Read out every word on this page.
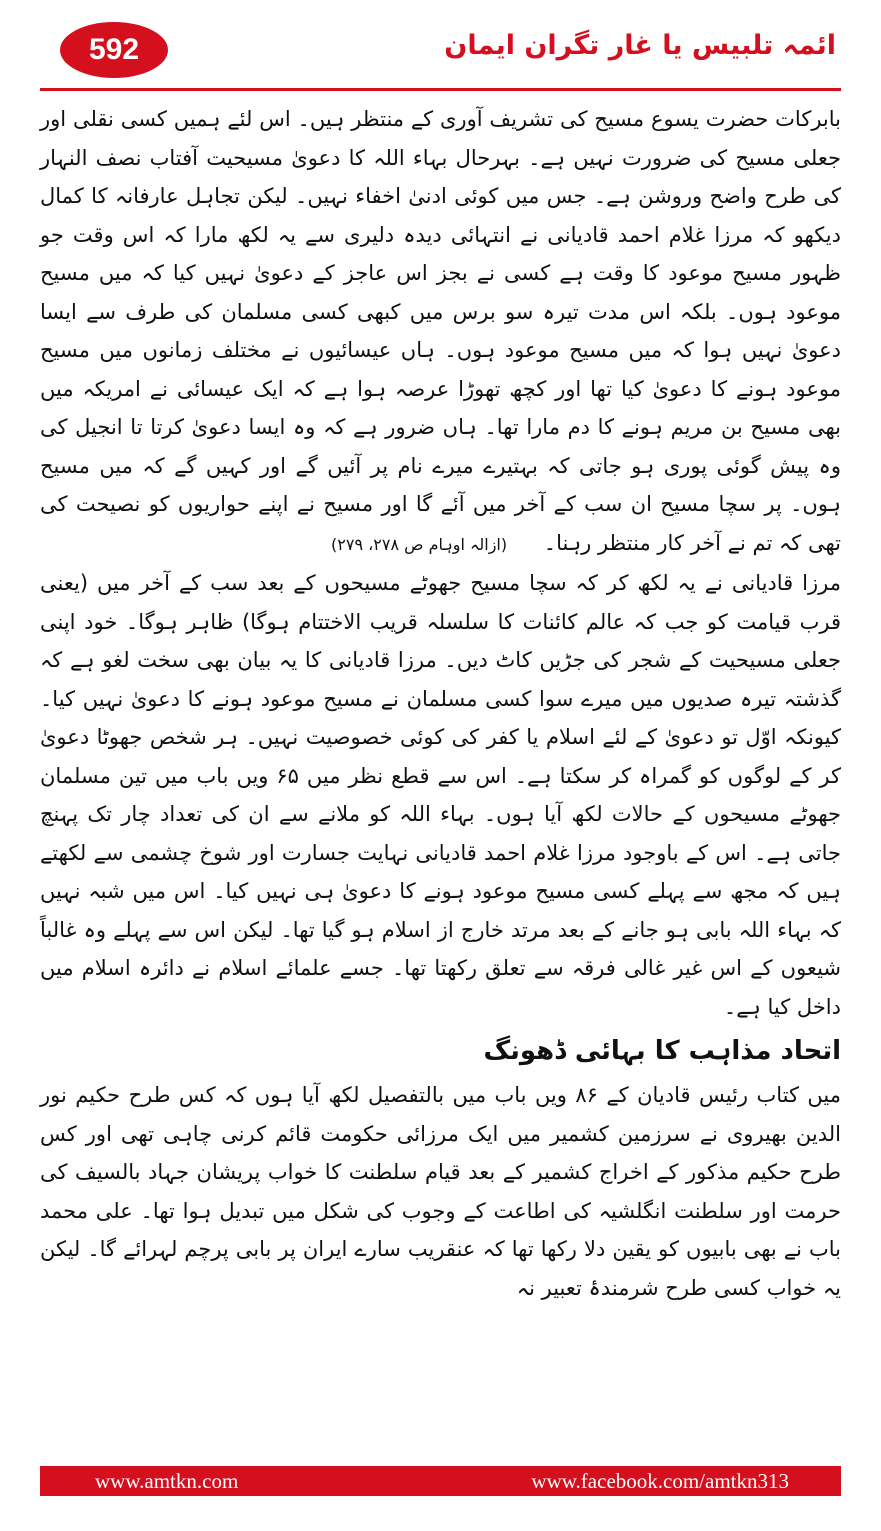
592	ائمہ تلبیس یا غار تگران ایمان

بابرکات حضرت یسوع مسیح کی تشریف آوری کے منتظر ہیں۔ اس لئے ہمیں کسی نقلی اور جعلی مسیح کی ضرورت نہیں ہے۔ بہرحال بہاء اللہ کا دعویٰ مسیحیت آفتاب نصف النہار کی طرح واضح وروشن ہے۔ جس میں کوئی ادنیٰ اخفاء نہیں۔ لیکن تجاہل عارفانہ کا کمال دیکھو کہ مرزا غلام احمد قادیانی نے انتہائی دیدہ دلیری سے یہ لکھ مارا کہ اس وقت جو ظہور مسیح موعود کا وقت ہے کسی نے بجز اس عاجز کے دعویٰ نہیں کیا کہ میں مسیح موعود ہوں۔ بلکہ اس مدت تیرہ سو برس میں کبھی کسی مسلمان کی طرف سے ایسا دعویٰ نہیں ہوا کہ میں مسیح موعود ہوں۔ ہاں عیسائیوں نے مختلف زمانوں میں مسیح موعود ہونے کا دعویٰ کیا تھا اور کچھ تھوڑا عرصہ ہوا ہے کہ ایک عیسائی نے امریکہ میں بھی مسیح بن مریم ہونے کا دم مارا تھا۔ ہاں ضرور ہے کہ وہ ایسا دعویٰ کرتا تا انجیل کی وہ پیش گوئی پوری ہو جاتی کہ بہتیرے میرے نام پر آئیں گے اور کہیں گے کہ میں مسیح ہوں۔ پر سچا مسیح ان سب کے آخر میں آئے گا اور مسیح نے اپنے حواریوں کو نصیحت کی تھی کہ تم نے آخر کار منتظر رہنا۔ (ازالہ اوہام ص ۲۷۸، ۲۷۹)

مرزا قادیانی نے یہ لکھ کر کہ سچا مسیح جھوٹے مسیحوں کے بعد سب کے آخر میں (یعنی قرب قیامت کو جب کہ عالم کائنات کا سلسلہ قریب الاختتام ہوگا) ظاہر ہوگا۔ خود اپنی جعلی مسیحیت کے شجر کی جڑیں کاٹ دیں۔ مرزا قادیانی کا یہ بیان بھی سخت لغو ہے کہ گذشتہ تیرہ صدیوں میں میرے سوا کسی مسلمان نے مسیح موعود ہونے کا دعویٰ نہیں کیا۔ کیونکہ اوّل تو دعویٰ کے لئے اسلام یا کفر کی کوئی خصوصیت نہیں۔ ہر شخص جھوٹا دعویٰ کر کے لوگوں کو گمراہ کر سکتا ہے۔ اس سے قطع نظر میں ۶۵ ویں باب میں تین مسلمان جھوٹے مسیحوں کے حالات لکھ آیا ہوں۔ بہاء اللہ کو ملانے سے ان کی تعداد چار تک پہنچ جاتی ہے۔ اس کے باوجود مرزا غلام احمد قادیانی نہایت جسارت اور شوخ چشمی سے لکھتے ہیں کہ مجھ سے پہلے کسی مسیح موعود ہونے کا دعویٰ ہی نہیں کیا۔ اس میں شبہ نہیں کہ بہاء اللہ بابی ہو جانے کے بعد مرتد خارج از اسلام ہو گیا تھا۔ لیکن اس سے پہلے وہ غالباً شیعوں کے اس غیر غالی فرقہ سے تعلق رکھتا تھا۔ جسے علمائے اسلام نے دائرہ اسلام میں داخل کیا ہے۔

اتحاد مذاہب کا بہائی ڈھونگ

میں کتاب رئیس قادیان کے ۸۶ ویں باب میں بالتفصیل لکھ آیا ہوں کہ کس طرح حکیم نور الدین بھیروی نے سرزمین کشمیر میں ایک مرزائی حکومت قائم کرنی چاہی تھی اور کس طرح حکیم مذکور کے اخراج کشمیر کے بعد قیام سلطنت کا خواب پریشان جہاد بالسیف کی حرمت اور سلطنت انگلشیہ کی اطاعت کے وجوب کی شکل میں تبدیل ہوا تھا۔ علی محمد باب نے بھی بابیوں کو یقین دلا رکھا تھا کہ عنقریب سارے ایران پر بابی پرچم لہرائے گا۔ لیکن یہ خواب کسی طرح شرمندۂ تعبیر نہ

www.amtkn.com	www.facebook.com/amtkn313
